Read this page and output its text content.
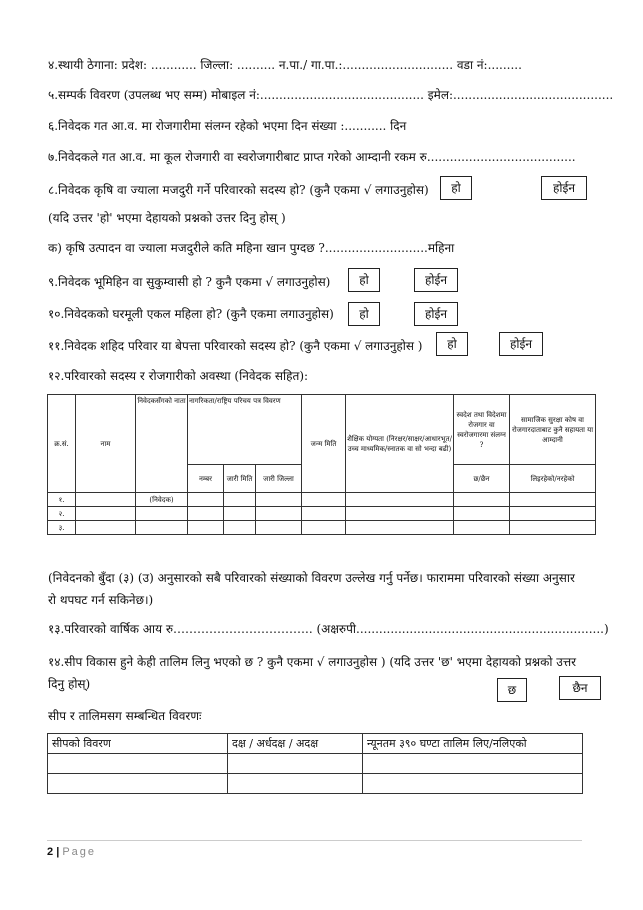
४.स्थायी ठेगाना: प्रदेश: ............ जिल्ला: .......... न.पा./ गा.पा.:............................. वडा नं:.........
५.सम्पर्क विवरण (उपलब्ध भए सम्म) मोबाइल नं:........................................... इमेल:..........................................
६.निवेदक गत आ.व. मा रोजगारीमा संलग्न रहेको भएमा दिन संख्या :........... दिन
७.निवेदकले गत आ.व. मा कूल रोजगारी वा स्वरोजगारीबाट प्राप्त गरेको आम्दानी रकम रु.......................................
८.निवेदक कृषि वा ज्याला मजदुरी गर्ने परिवारको सदस्य हो? (कुनै एकमा √ लगाउनुहोस)	हो	होईन
(यदि उत्तर 'हो' भएमा देहायको प्रश्नको उत्तर दिनु होस् )
क) कृषि उत्पादन वा ज्याला मजदुरीले कति महिना खान पुग्दछ ?...........................महिना
९.निवेदक भूमिहिन वा सुकुम्वासी हो ? कुनै एकमा √ लगाउनुहोस)	हो	होईन
१०.निवेदकको घरमूली एकल महिला हो? (कुनै एकमा लगाउनुहोस)	हो	होईन
११.निवेदक शहिद परिवार या बेपत्ता परिवारको सदस्य हो? (कुनै एकमा √ लगाउनुहोस )	हो	होईन
१२.परिवारको सदस्य र रोजगारीको अवस्था (निवेदक सहित):
क्र.सं.	नाम	निवेदकसँगको नाता	नागरिकता/राष्ट्रिय परिचय पत्र विवरण			जन्म मिति	शैक्षिक योग्यता (निरक्षर/साक्षर/आधारभूत/उच्च माध्यमिक/स्नातक वा सो भन्दा बढी)	स्वदेश तथा विदेशमा रोजगार वा स्वरोजगारमा संलग्न ?	सामाजिक सुरक्षा कोष वा रोजगारदाताबाट कुनै सहायता या आम्दानी
			नम्बर	जारी मिति	जारी जिल्ला			छ/छैन	लिइरहेको/नरहेको
१.		(निवेदक)							
२.									
३.									
(निवेदनको बुँदा (३) (उ) अनुसारको सबै परिवारको संख्याको विवरण उल्लेख गर्नु पर्नेछ। फाराममा परिवारको संख्या अनुसार
रो थपघट गर्न सकिनेछ।)
१३.परिवारको वार्षिक आय रु…………………………….. (अक्षरुपी.................................................................)
१४.सीप विकास हुने केही तालिम लिनु भएको छ ? कुनै एकमा √ लगाउनुहोस ) (यदि उत्तर 'छ' भएमा देहायको प्रश्नको उत्तर
दिनु होस्)	छ	छैन
सीप र तालिमसग सम्बन्धित विवरणः
सीपको विवरण	दक्ष / अर्धदक्ष / अदक्ष	न्यूनतम ३९० घण्टा तालिम लिए/नलिएको

2 | Page
